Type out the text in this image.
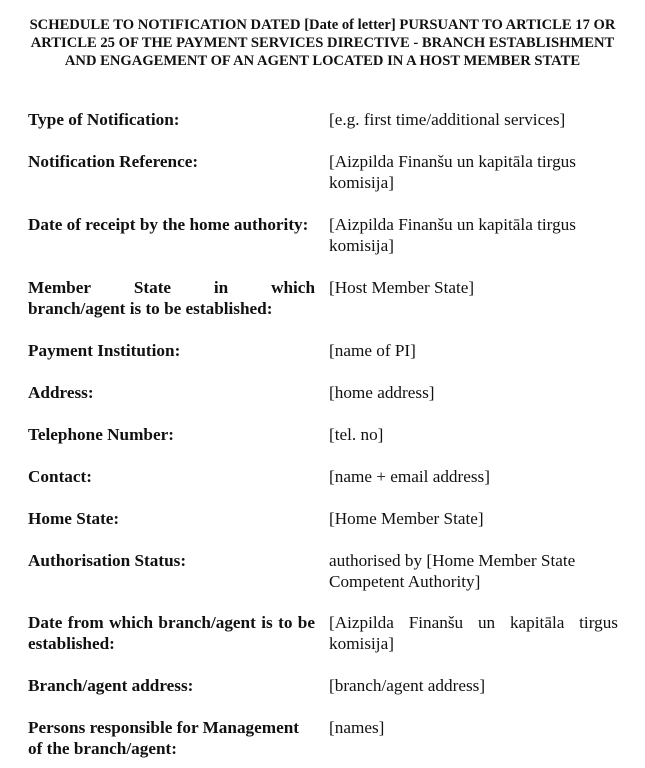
SCHEDULE TO NOTIFICATION DATED [Date of letter] PURSUANT TO ARTICLE 17 OR ARTICLE 25 OF THE PAYMENT SERVICES DIRECTIVE - BRANCH ESTABLISHMENT AND ENGAGEMENT OF AN AGENT LOCATED IN A HOST MEMBER STATE
Type of Notification:	[e.g. first time/additional services]
Notification Reference:	[Aizpilda Finanšu un kapitāla tirgus komisija]
Date of receipt by the home authority:	[Aizpilda Finanšu un kapitāla tirgus komisija]
Member State in which
branch/agent is to be established:
[Host Member State]
Payment Institution:	[name of PI]
Address:	[home address]
Telephone Number:	[tel. no]
Contact:	[name + email address]
Home State:	[Home Member State]
Authorisation Status:	authorised by [Home Member State Competent Authority]
Date from which branch/agent is to be established:
[Aizpilda Finanšu un kapitāla tirgus komisija]
Branch/agent address:	[branch/agent address]
Persons responsible for Management of the branch/agent:
[names]
